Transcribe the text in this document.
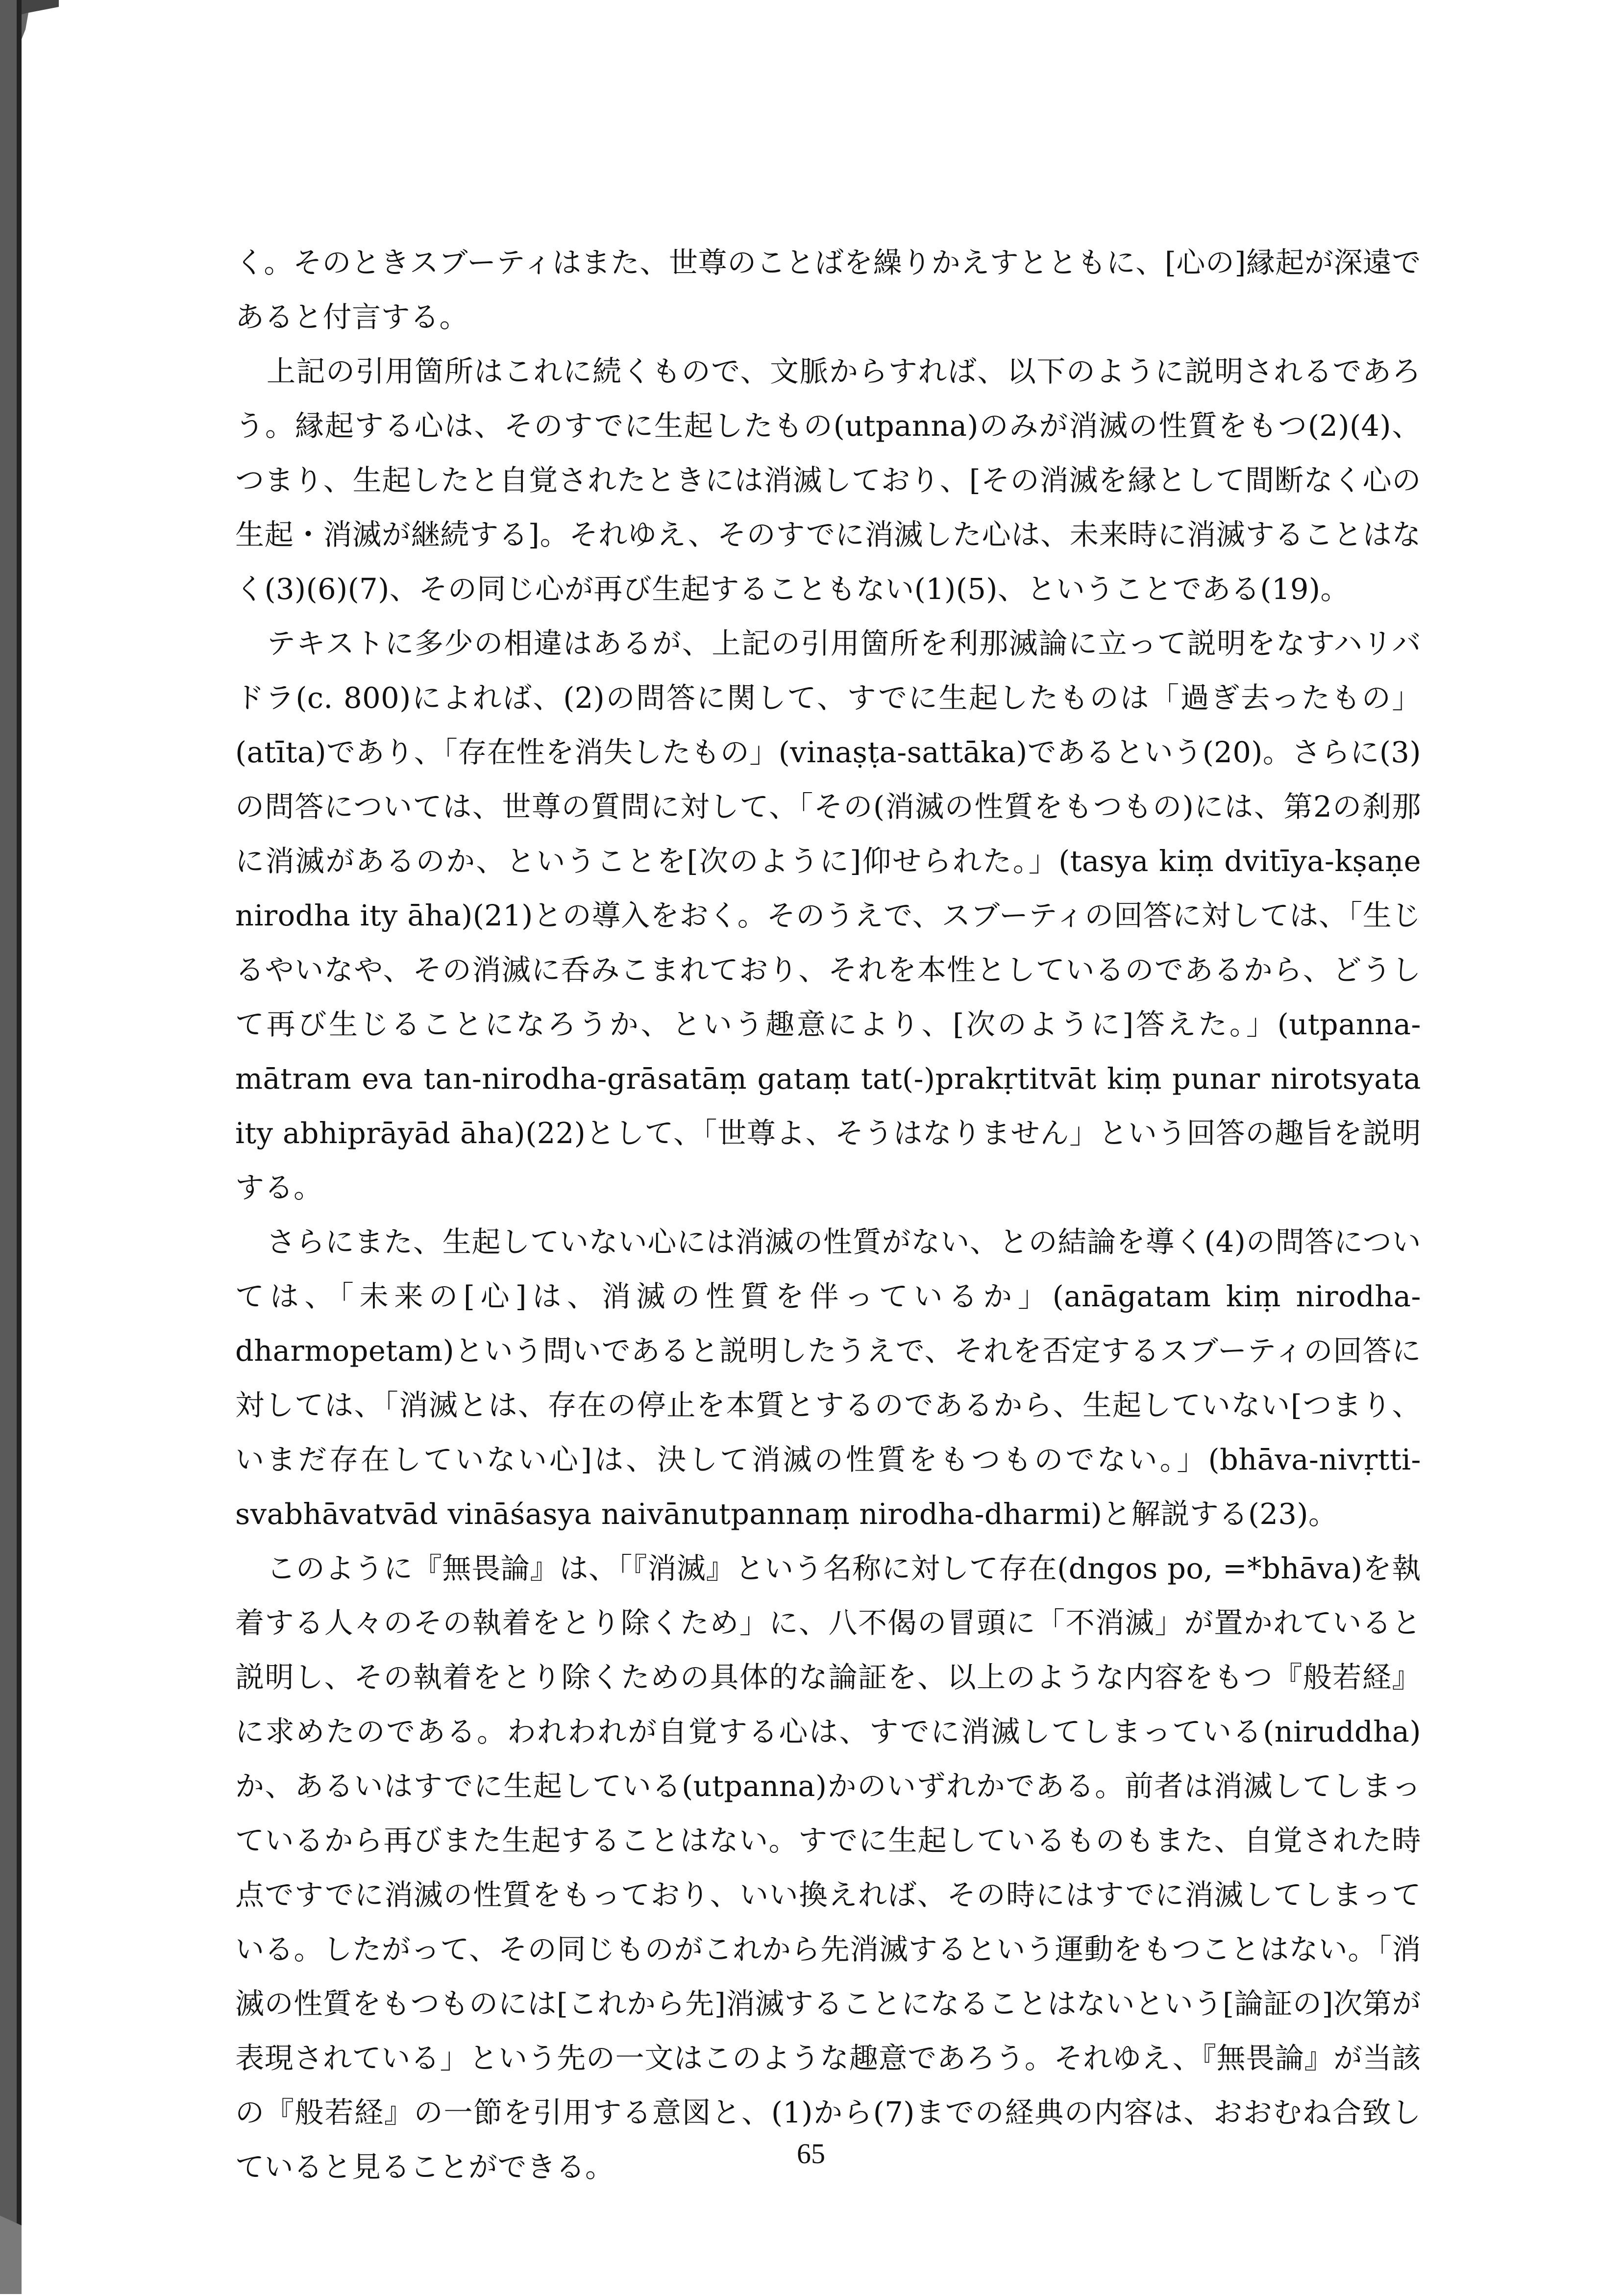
く。そのときスブーティはまた、世尊のことばを繰りかえすとともに、[心の]縁起が深遠であると付言する。

上記の引用箇所はこれに続くもので、文脈からすれば、以下のように説明されるであろう。縁起する心は、そのすでに生起したもの(utpanna)のみが消滅の性質をもつ(2)(4)、つまり、生起したと自覚されたときには消滅しており、[その消滅を縁として間断なく心の生起・消滅が継続する]。それゆえ、そのすでに消滅した心は、未来時に消滅することはなく(3)(6)(7)、その同じ心が再び生起することもない(1)(5)、ということである(19)。

テキストに多少の相違はあるが、上記の引用箇所を利那滅論に立って説明をなすハリバドラ(c. 800)によれば、(2)の問答に関して、すでに生起したものは「過ぎ去ったもの」(atīta)であり、「存在性を消失したもの」(vinaṣṭa-sattāka)であるという(20)。さらに(3)の問答については、世尊の質問に対して、「その(消滅の性質をもつもの)には、第2の刹那に消滅があるのか、ということを[次のように]仰せられた。」(tasya kiṃ dvitīya-kṣaṇe nirodha ity āha)(21)との導入をおく。そのうえで、スブーティの回答に対しては、「生じるやいなや、その消滅に呑みこまれており、それを本性としているのであるから、どうして再び生じることになろうか、という趣意により、[次のように]答えた。」(utpanna-mātram eva tan-nirodha-grāsatāṃ gataṃ tat(-)prakṛtitvāt kiṃ punar nirotsyata ity abhiprāyād āha)(22)として、「世尊よ、そうはなりません」という回答の趣旨を説明する。

さらにまた、生起していない心には消滅の性質がない、との結論を導く(4)の問答については、「未来の[心]は、消滅の性質を伴っているか」(anāgatam kiṃ nirodha-dharmopetam)という問いであると説明したうえで、それを否定するスブーティの回答に対しては、「消滅とは、存在の停止を本質とするのであるから、生起していない[つまり、いまだ存在していない心]は、決して消滅の性質をもつものでない。」(bhāva-nivṛtti-svabhāvatvād vināśasya naivānutpannaṃ nirodha-dharmi)と解説する(23)。

このように『無畏論』は、「『消滅』という名称に対して存在(dngos po, =*bhāva)を執着する人々のその執着をとり除くため」に、八不偈の冒頭に「不消滅」が置かれていると説明し、その執着をとり除くための具体的な論証を、以上のような内容をもつ『般若経』に求めたのである。われわれが自覚する心は、すでに消滅してしまっている(niruddha)か、あるいはすでに生起している(utpanna)かのいずれかである。前者は消滅してしまっているから再びまた生起することはない。すでに生起しているものもまた、自覚された時点ですでに消滅の性質をもっており、いい換えれば、その時にはすでに消滅してしまっている。したがって、その同じものがこれから先消滅するという運動をもつことはない。「消滅の性質をもつものには[これから先]消滅することになることはないという[論証の]次第が表現されている」という先の一文はこのような趣意であろう。それゆえ、『無畏論』が当該の『般若経』の一節を引用する意図と、(1)から(7)までの経典の内容は、おおむね合致していると見ることができる。	65
